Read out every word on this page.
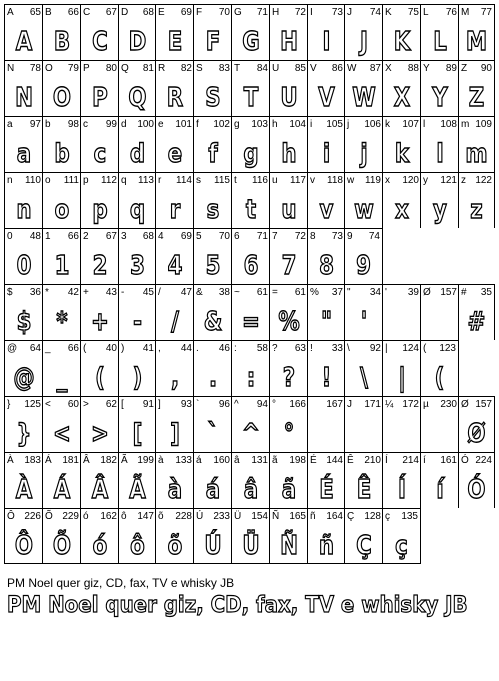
A 65
A
B 66
B
C 67
C
D 68
D
E 69
E
F 70
F
G 71
G
H 72
H
I 73
I
J 74
J
K 75
K
L 76
L
M 77
M
N 78
N
O 79
O
P 80
P
Q 81
Q
R 82
R
S 83
S
T 84
T
U 85
U
V 86
V
W 87
W
X 88
X
Y 89
Y
Z 90
Z
a 97
a
b 98
b
c 99
c
d 100
d
e 101
e
f 102
f
g 103
g
h 104
h
i 105
i
j 106
j
k 107
k
l 108
l
m 109
m
n 110
n
o 111
o
p 112
p
q 113
q
r 114
r
s 115
s
t 116
t
u 117
u
v 118
v
w 119
w
x 120
x
y 121
y
z 122
z
0 48
0
1 66
1
2 67
2
3 68
3
4 69
4
5 70
5
6 71
6
7 72
7
8 73
8
9 74
9
$ 36
$
* 42
*
+ 43
+
- 45
-
/ 47
/
& 38
&
~ 61
=
= 61
%
% 37
"
" 34
'
' 39 Ø 157 # 35
#
@ 64
@
_ 66
_
( 40
(
) 41
)
, 44
,
. 46
.
: 58
:
? 63
?
! 33
!
\ 92
\
| 124
|
( 123
(
} 125
}
< 60
<
> 62
>
[ 91
[
] 93
]
` 96
`
^ 94
^
° 166
°
167 J 171 ¼ 172 µ 230 Ø 157
Ø
À 183
À
Á 181
Á
Â 182
Â
Ã 199
Ã
à 133
à
á 160
á
â 131
â
ã 198
ã
É 144
É
Ê 210
Ê
Í 214
Í
í 161
í
Ó 224
Ó
Ô 226
Ô
Õ 229
Õ
ó 162
ó
ô 147
ô
õ 228
õ
Ú 233
Ú
Ü 154
Ü
Ñ 165
Ñ
ñ 164
ñ
Ç 128
Ç
ç 135
ç
PM Noel quer giz, CD, fax, TV e whisky JB
PM Noel quer giz, CD, fax, TV e whisky JB
